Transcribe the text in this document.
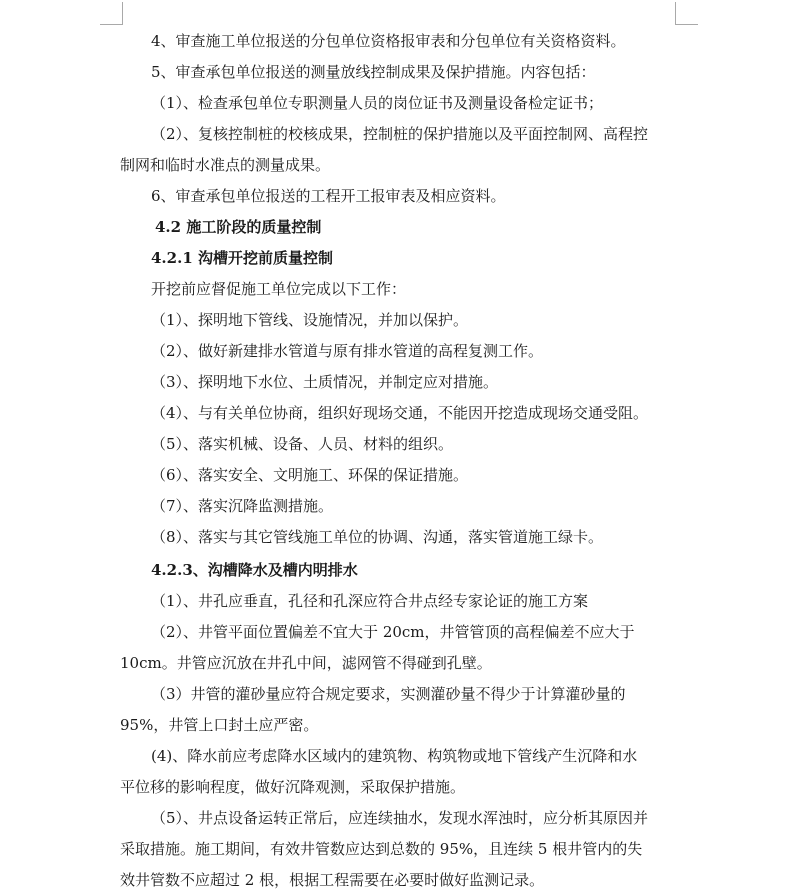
4、审查施工单位报送的分包单位资格报审表和分包单位有关资格资料。
5、审查承包单位报送的测量放线控制成果及保护措施。内容包括：
（1）、检查承包单位专职测量人员的岗位证书及测量设备检定证书；
（2）、复核控制桩的校核成果，控制桩的保护措施以及平面控制网、高程控
制网和临时水准点的测量成果。
6、审查承包单位报送的工程开工报审表及相应资料。
4.2 施工阶段的质量控制
4.2.1 沟槽开挖前质量控制
开挖前应督促施工单位完成以下工作：
（1）、探明地下管线、设施情况，并加以保护。
（2）、做好新建排水管道与原有排水管道的高程复测工作。
（3）、探明地下水位、土质情况，并制定应对措施。
（4）、与有关单位协商，组织好现场交通，不能因开挖造成现场交通受阻。
（5）、落实机械、设备、人员、材料的组织。
（6）、落实安全、文明施工、环保的保证措施。
（7）、落实沉降监测措施。
（8）、落实与其它管线施工单位的协调、沟通，落实管道施工绿卡。
4.2.3、沟槽降水及槽内明排水
（1）、井孔应垂直，孔径和孔深应符合井点经专家论证的施工方案
（2）、井管平面位置偏差不宜大于 20cm，井管管顶的高程偏差不应大于
10cm。井管应沉放在井孔中间，滤网管不得碰到孔壁。
（3）井管的灌砂量应符合规定要求，实测灌砂量不得少于计算灌砂量的
95%，井管上口封土应严密。
(4)、降水前应考虑降水区域内的建筑物、构筑物或地下管线产生沉降和水
平位移的影响程度，做好沉降观测，采取保护措施。
（5）、井点设备运转正常后，应连续抽水，发现水浑浊时，应分析其原因并
采取措施。施工期间，有效井管数应达到总数的 95%，且连续 5 根井管内的失
效井管数不应超过 2 根，根据工程需要在必要时做好监测记录。
